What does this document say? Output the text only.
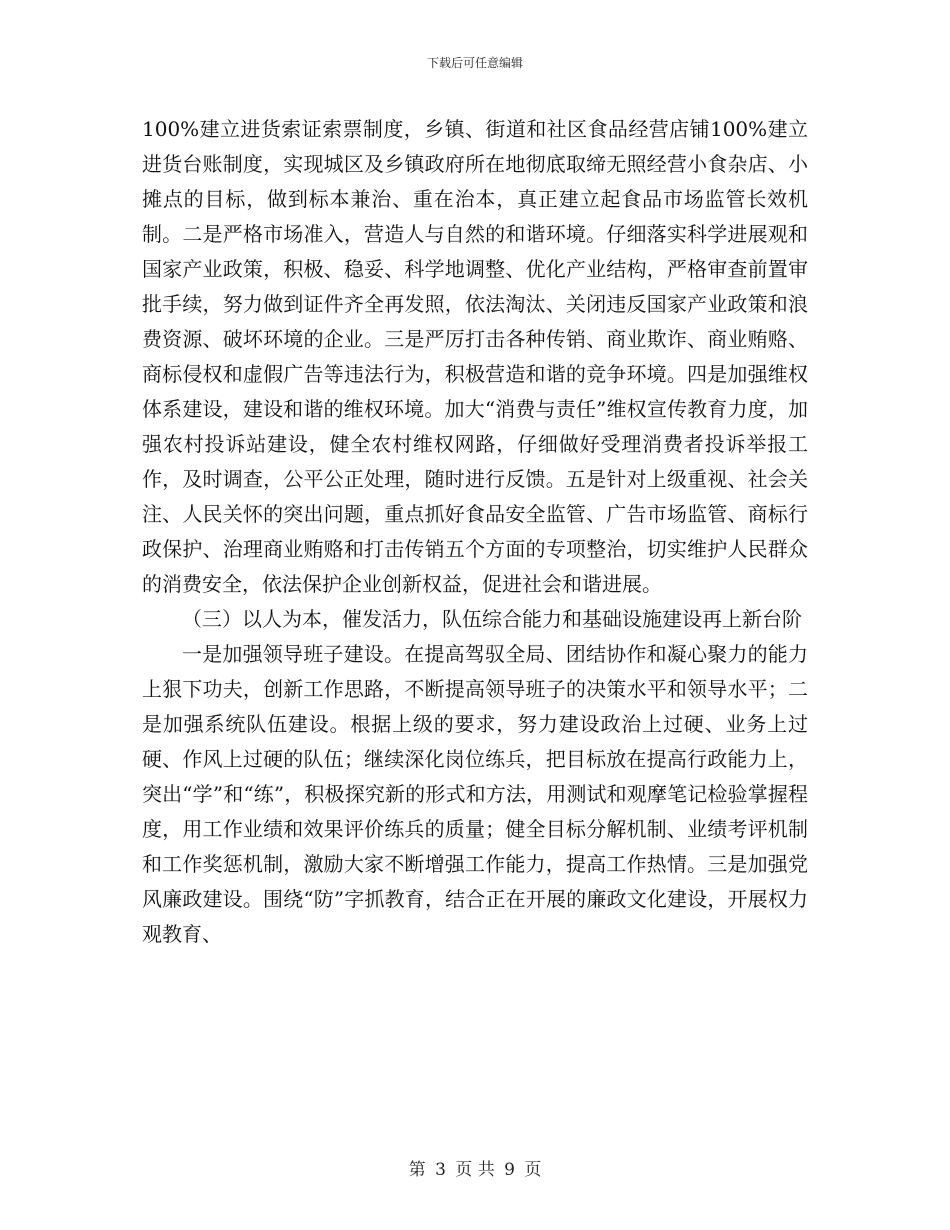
下载后可任意编辑

100%建立进货索证索票制度，乡镇、街道和社区食品经营店铺100%建立进货台账制度，实现城区及乡镇政府所在地彻底取缔无照经营小食杂店、小摊点的目标，做到标本兼治、重在治本，真正建立起食品市场监管长效机制。二是严格市场准入，营造人与自然的和谐环境。仔细落实科学进展观和国家产业政策，积极、稳妥、科学地调整、优化产业结构，严格审查前置审批手续，努力做到证件齐全再发照，依法淘汰、关闭违反国家产业政策和浪费资源、破坏环境的企业。三是严厉打击各种传销、商业欺诈、商业贿赂、商标侵权和虚假广告等违法行为，积极营造和谐的竞争环境。四是加强维权体系建设，建设和谐的维权环境。加大“消费与责任”维权宣传教育力度，加强农村投诉站建设，健全农村维权网路，仔细做好受理消费者投诉举报工作，及时调查，公平公正处理，随时进行反馈。五是针对上级重视、社会关注、人民关怀的突出问题，重点抓好食品安全监管、广告市场监管、商标行政保护、治理商业贿赂和打击传销五个方面的专项整治，切实维护人民群众的消费安全，依法保护企业创新权益，促进社会和谐进展。

（三）以人为本，催发活力，队伍综合能力和基础设施建设再上新台阶

一是加强领导班子建设。在提高驾驭全局、团结协作和凝心聚力的能力上狠下功夫，创新工作思路，不断提高领导班子的决策水平和领导水平；二是加强系统队伍建设。根据上级的要求，努力建设政治上过硬、业务上过硬、作风上过硬的队伍；继续深化岗位练兵，把目标放在提高行政能力上，突出“学”和“练”，积极探究新的形式和方法，用测试和观摩笔记检验掌握程度，用工作业绩和效果评价练兵的质量；健全目标分解机制、业绩考评机制和工作奖惩机制，激励大家不断增强工作能力，提高工作热情。三是加强党风廉政建设。围绕“防”字抓教育，结合正在开展的廉政文化建设，开展权力观教育、

第 3 页 共 9 页
